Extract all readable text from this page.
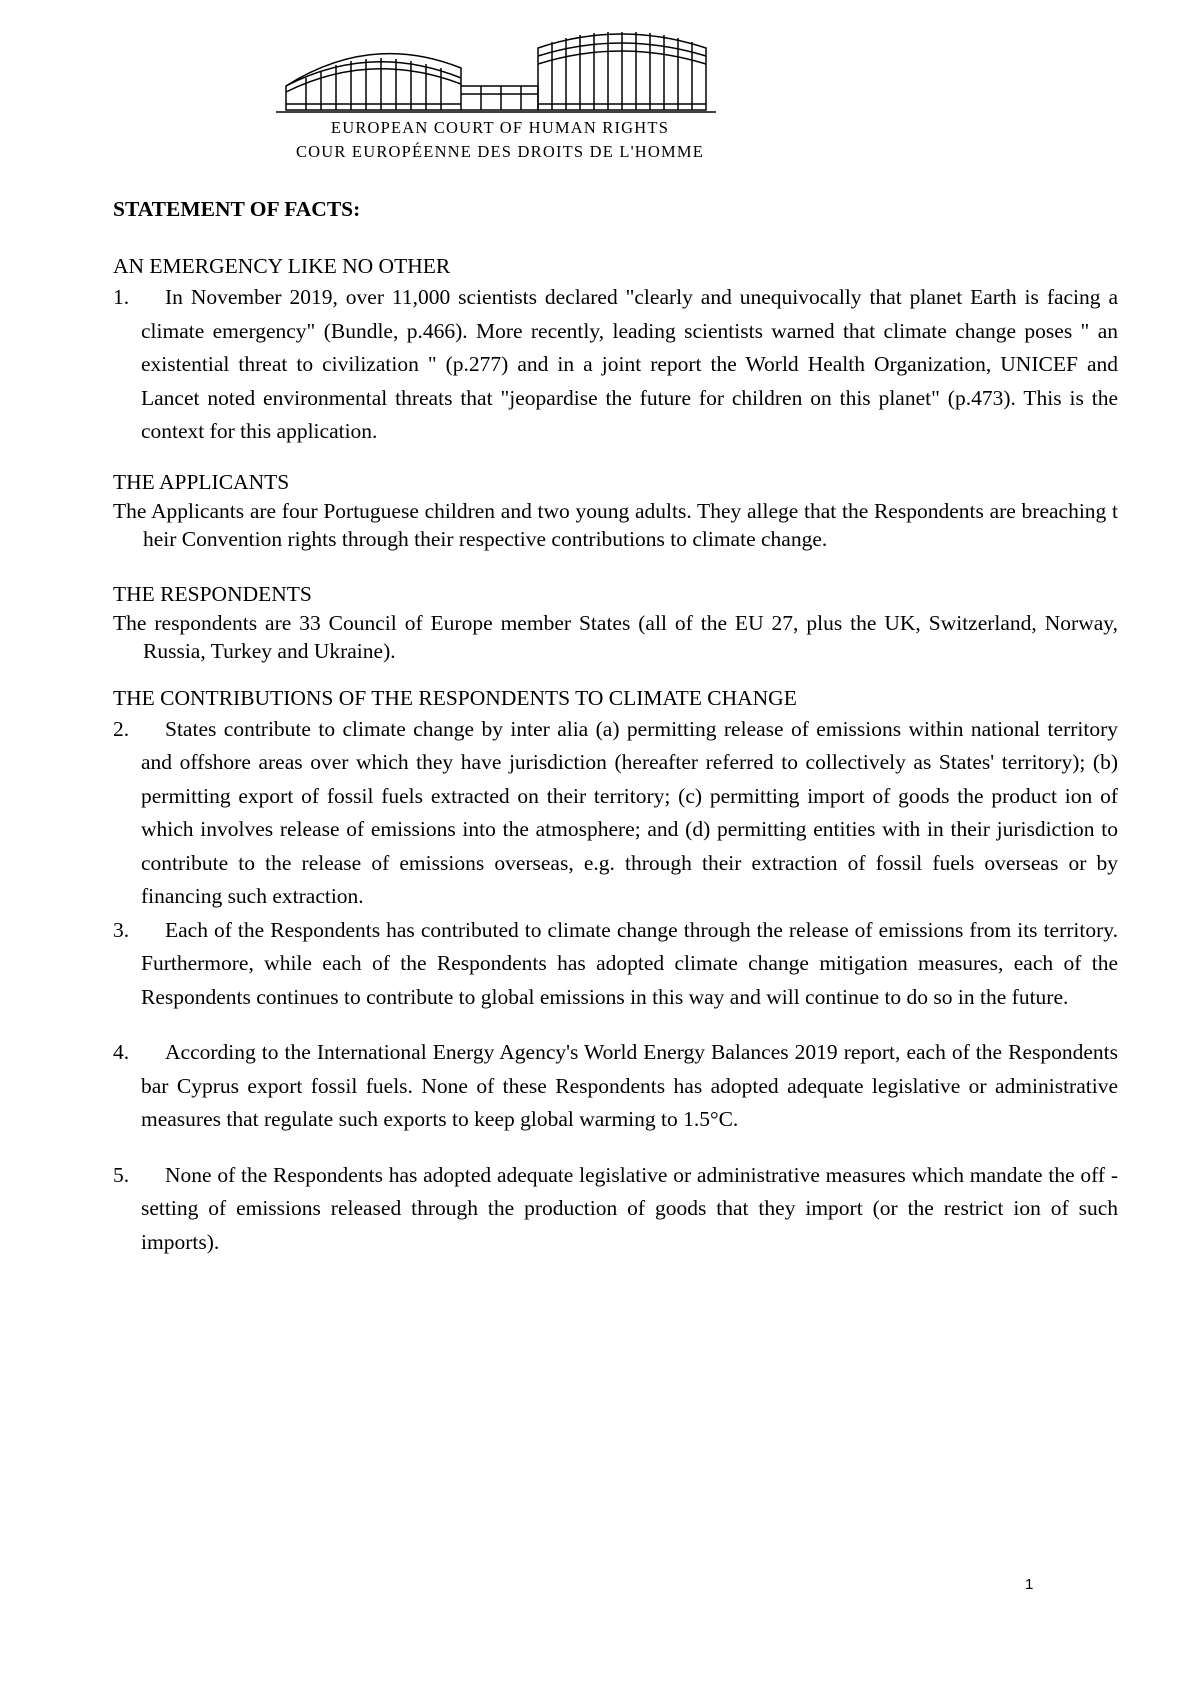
EUROPEAN COURT OF HUMAN RIGHTS
COUR EUROPÉENNE DES DROITS DE L'HOMME

STATEMENT OF FACTS:

AN EMERGENCY LIKE NO OTHER

1.	In November 2019, over 11,000 scientists declared "clearly and unequivocally that planet Earth is facing a climate emergency" (Bundle, p.466). More recently, leading scientists warned that climate change poses " an existential threat to civilization " (p.277) and in a joint report the World Health Organization, UNICEF and Lancet noted environmental threats that "jeopardise the future for children on this planet" (p.473). This is the context for this application.

THE APPLICANTS

The Applicants are four Portuguese children and two young adults. They allege that the Respondents are breaching t heir Convention rights through their respective contributions to climate change.

THE RESPONDENTS

The respondents are 33 Council of Europe member States (all of the EU 27, plus the UK, Switzerland, Norway, Russia, Turkey and Ukraine).

THE CONTRIBUTIONS OF THE RESPONDENTS TO CLIMATE CHANGE

2.	States contribute to climate change by inter alia (a) permitting release of emissions within national territory and offshore areas over which they have jurisdiction (hereafter referred to collectively as States' territory); (b) permitting export of fossil fuels extracted on their territory; (c) permitting import of goods the product ion of which involves release of emissions into the atmosphere; and (d) permitting entities with in their jurisdiction to contribute to the release of emissions overseas, e.g. through their extraction of fossil fuels overseas or by financing such extraction.
3.	Each of the Respondents has contributed to climate change through the release of emissions from its territory. Furthermore, while each of the Respondents has adopted climate change mitigation measures, each of the Respondents continues to contribute to global emissions in this way and will continue to do so in the future.
4.	According to the International Energy Agency's World Energy Balances 2019 report, each of the Respondents bar Cyprus export fossil fuels. None of these Respondents has adopted adequate legislative or administrative measures that regulate such exports to keep global warming to 1.5°C.
5.	None of the Respondents has adopted adequate legislative or administrative measures which mandate the off -setting of emissions released through the production of goods that they import (or the restrict ion of such imports).
1
